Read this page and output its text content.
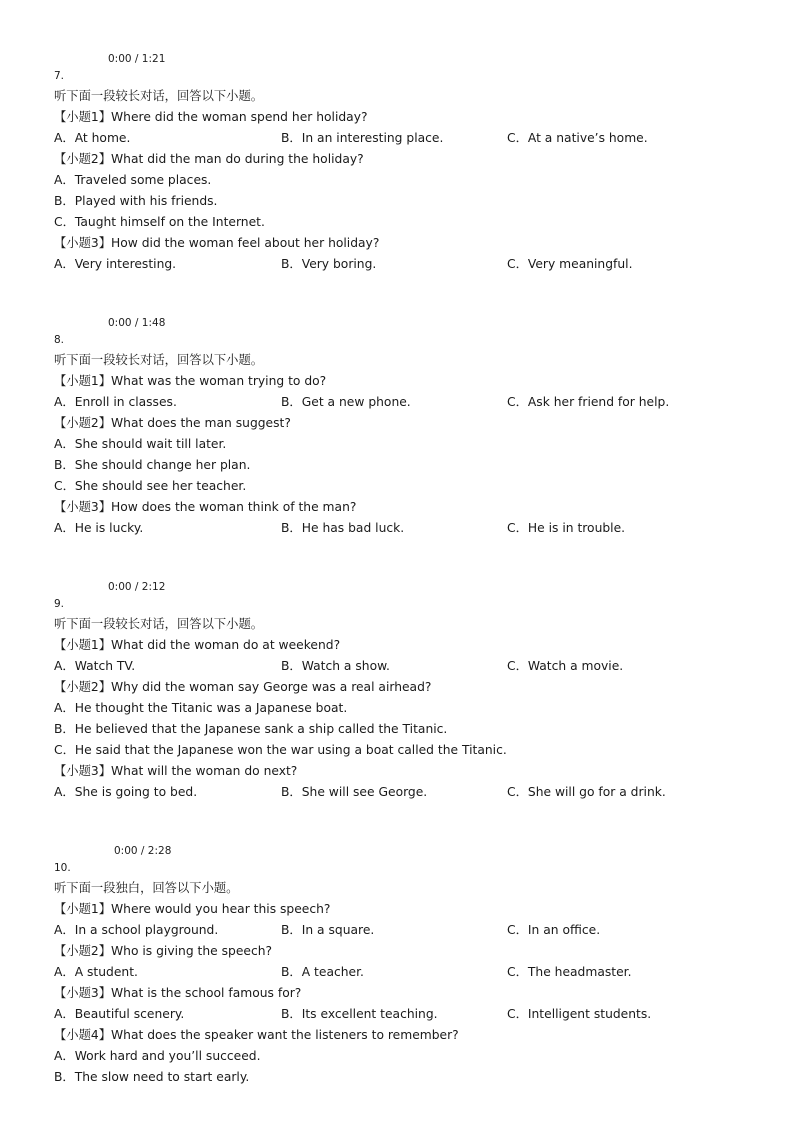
0:00 / 1:21
7.
听下面一段较长对话，回答以下小题。
【小题1】Where did the woman spend her holiday?
A．At home.	B．In an interesting place.	C．At a native’s home.
【小题2】What did the man do during the holiday?
A．Traveled some places.
B．Played with his friends.
C．Taught himself on the Internet.
【小题3】How did the woman feel about her holiday?
A．Very interesting.	B．Very boring.	C．Very meaningful.
0:00 / 1:48
8.
听下面一段较长对话，回答以下小题。
【小题1】What was the woman trying to do?
A．Enroll in classes.	B．Get a new phone.	C．Ask her friend for help.
【小题2】What does the man suggest?
A．She should wait till later.
B．She should change her plan.
C．She should see her teacher.
【小题3】How does the woman think of the man?
A．He is lucky.	B．He has bad luck.	C．He is in trouble.
0:00 / 2:12
9.
听下面一段较长对话，回答以下小题。
【小题1】What did the woman do at weekend?
A．Watch TV.	B．Watch a show.	C．Watch a movie.
【小题2】Why did the woman say George was a real airhead?
A．He thought the Titanic was a Japanese boat.
B．He believed that the Japanese sank a ship called the Titanic.
C．He said that the Japanese won the war using a boat called the Titanic.
【小题3】What will the woman do next?
A．She is going to bed.	B．She will see George.	C．She will go for a drink.
0:00 / 2:28
10.
听下面一段独白，回答以下小题。
【小题1】Where would you hear this speech?
A．In a school playground.	B．In a square.	C．In an office.
【小题2】Who is giving the speech?
A．A student.	B．A teacher.	C．The headmaster.
【小题3】What is the school famous for?
A．Beautiful scenery.	B．Its excellent teaching.	C．Intelligent students.
【小题4】What does the speaker want the listeners to remember?
A．Work hard and you’ll succeed.
B．The slow need to start early.
